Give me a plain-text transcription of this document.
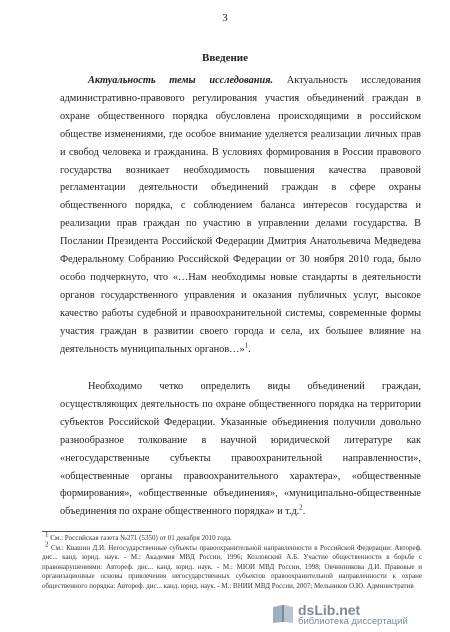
3
Введение

Актуальность темы исследования. Актуальность исследования административно-правового регулирования участия объединений граждан в охране общественного порядка обусловлена происходящими в российском обществе изменениями, где особое внимание уделяется реализации личных прав и свобод человека и гражданина. В условиях формирования в России правового государства возникает необходимость повышения качества правовой регламентации деятельности объединений граждан в сфере охраны общественного порядка, с соблюдением баланса интересов государства и реализации прав граждан по участию в управлении делами государства. В Послании Президента Российской Федерации Дмитрия Анатольевича Медведева Федеральному Собранию Российской Федерации от 30 ноября 2010 года, было особо подчеркнуто, что «…Нам необходимы новые стандарты в деятельности органов государственного управления и оказания публичных услуг, высокое качество работы судебной и правоохранительной системы, современные формы участия граждан в развитии своего города и села, их большее влияние на деятельность муниципальных органов…»$^1$.

Необходимо четко определить виды объединений граждан, осуществляющих деятельность по охране общественного порядка на территории субъектов Российской Федерации. Указанные объединения получили довольно разнообразное толкование в научной юридической литературе как «негосударственные субъекты правоохранительной направленности», «общественные органы правоохранительного характера», «общественные формирования», «общественные объединения», «муниципально-общественные объединения по охране общественного порядка» и т.д.$^2$.

$^1$ См.: Российская газета №271 (5350) от 01 декабря 2010 года.

$^2$ См.: Квашин Д.И. Негосударственные субъекты правоохранительной направленности в Российской Федерации: Автореф. дис... канд. юрид. наук. - М.: Академия МВД России, 1996; Козловский А.Б. Участие общественности в борьбе с правонарушениями: Автореф. дис... канд. юрид. наук. - М.: МЮИ МВД России, 1998; Овчинникова Д.И. Правовые и организационные основы привлечения негосударственных субъектов правоохранительной направленности к охране общественного порядка: Автореф. дис... канд. юрид. наук. - М.: ВНИИ МВД России, 2007; Мельников О.Ю. Административ

dsLib.net
библиотека диссертаций
